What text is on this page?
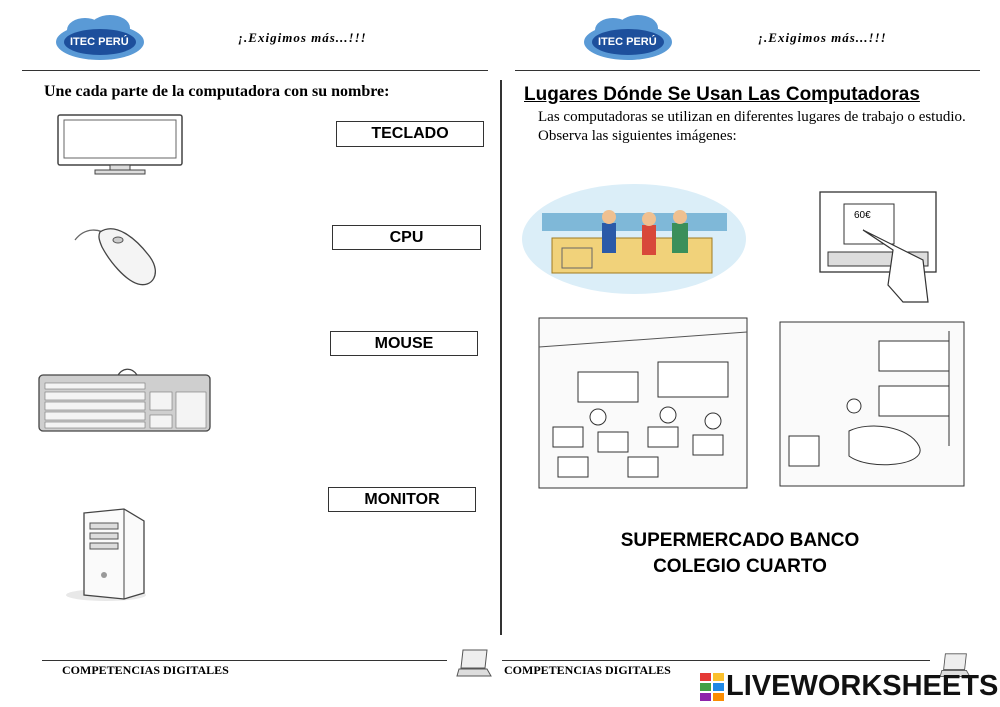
ITEC PERÚ	¡.Exigimos más...!!!
Une cada parte de la computadora con su nombre:
TECLADO
CPU
MOUSE
MONITOR
COMPETENCIAS DIGITALES
ITEC PERÚ	¡.Exigimos más...!!!
Lugares Dónde Se Usan Las Computadoras
Las computadoras se utilizan en diferentes lugares de trabajo o estudio. Observa las siguientes imágenes:
60€
SUPERMERCADO BANCO
COLEGIO CUARTO
COMPETENCIAS DIGITALES LIVEWORKSHEETS
